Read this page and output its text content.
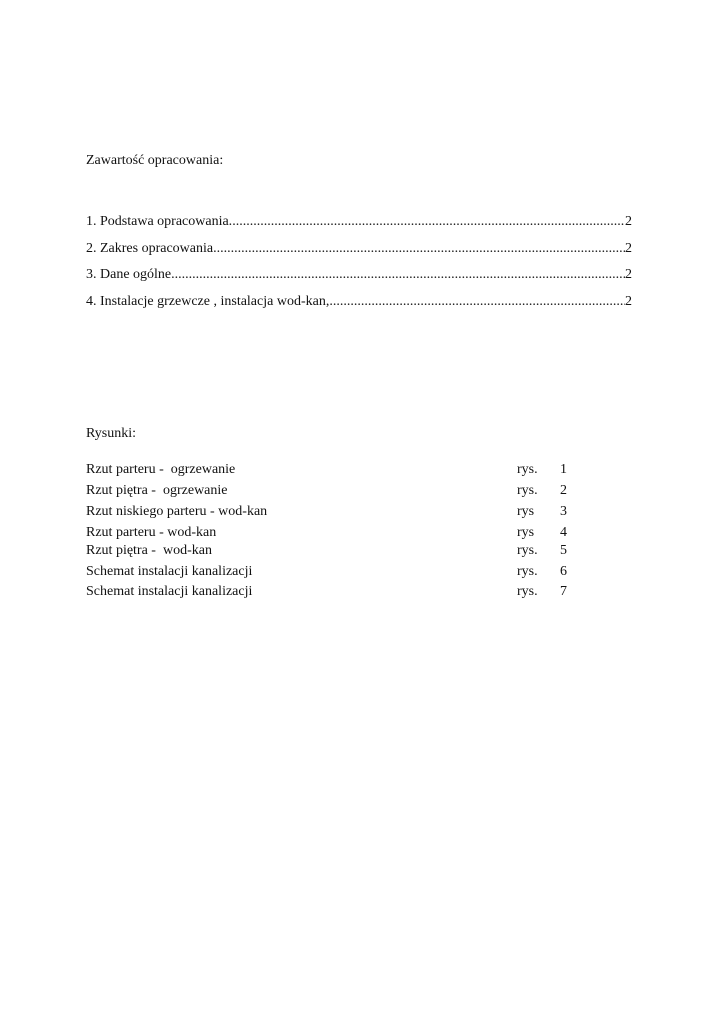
Zawartość opracowania:
1. Podstawa opracowania. .....	2
2. Zakres opracowania .....	2
3. Dane ogólne .....	2
4. Instalacje grzewcze , instalacja wod-kan, .....	2
Rysunki:
Rzut parteru -  ogrzewanie	rys. 1
Rzut piętra -  ogrzewanie	rys. 2
Rzut niskiego parteru - wod-kan	rys 3
Rzut parteru - wod-kan	rys 4
Rzut piętra -  wod-kan	rys. 5
Schemat instalacji kanalizacji	rys. 6
Schemat instalacji kanalizacji	rys. 7
